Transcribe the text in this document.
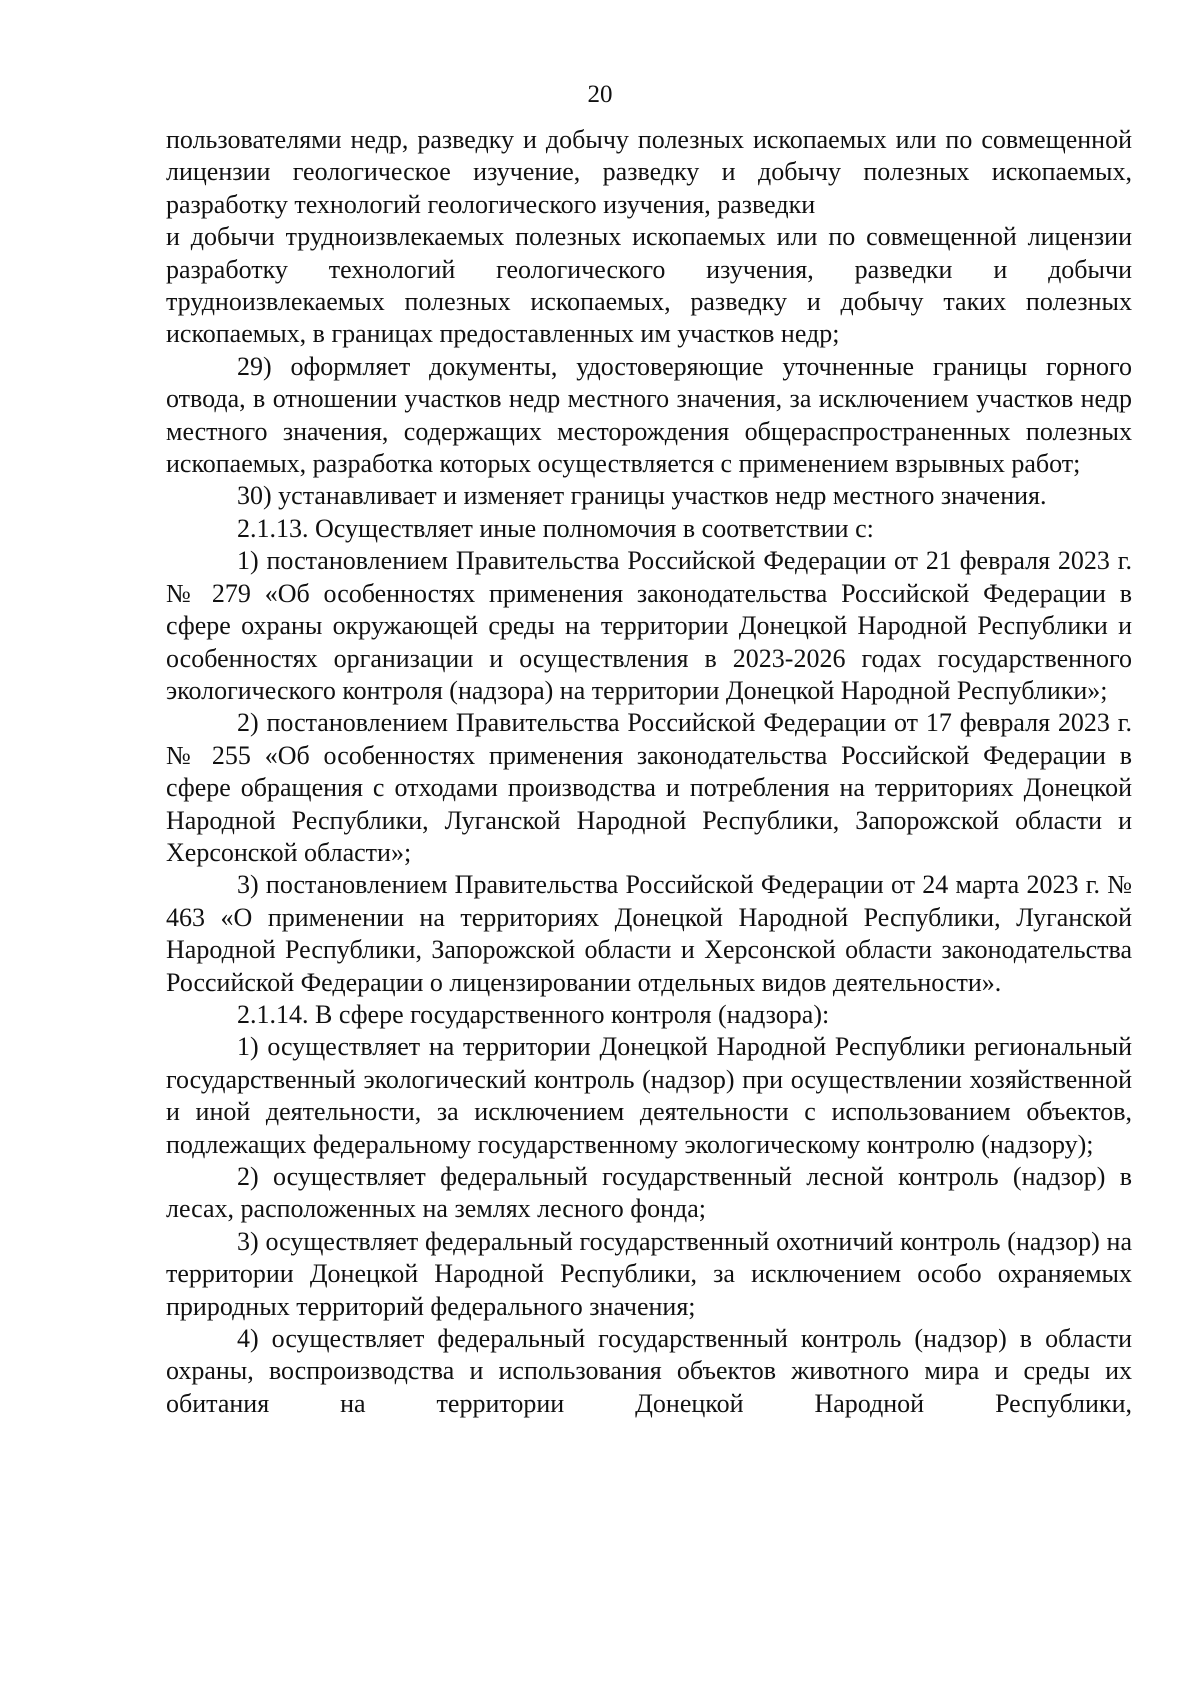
20

пользователями недр, разведку и добычу полезных ископаемых или по совмещенной лицензии геологическое изучение, разведку и добычу полезных ископаемых, разработку технологий геологического изучения, разведки

и добычи трудноизвлекаемых полезных ископаемых или по совмещенной лицензии разработку технологий геологического изучения, разведки и добычи трудноизвлекаемых полезных ископаемых, разведку и добычу таких полезных ископаемых, в границах предоставленных им участков недр;

29) оформляет документы, удостоверяющие уточненные границы горного отвода, в отношении участков недр местного значения, за исключением участков недр местного значения, содержащих месторождения общераспространенных полезных ископаемых, разработка которых осуществляется с применением взрывных работ;

30) устанавливает и изменяет границы участков недр местного значения.

2.1.13. Осуществляет иные полномочия в соответствии с:

1) постановлением Правительства Российской Федерации от 21 февраля 2023 г. № 279 «Об особенностях применения законодательства Российской Федерации в сфере охраны окружающей среды на территории Донецкой Народной Республики и особенностях организации и осуществления в 2023-2026 годах государственного экологического контроля (надзора) на территории Донецкой Народной Республики»;

2) постановлением Правительства Российской Федерации от 17 февраля 2023 г. № 255 «Об особенностях применения законодательства Российской Федерации в сфере обращения с отходами производства и потребления на территориях Донецкой Народной Республики, Луганской Народной Республики, Запорожской области и Херсонской области»;

3) постановлением Правительства Российской Федерации от 24 марта 2023 г. № 463 «О применении на территориях Донецкой Народной Республики, Луганской Народной Республики, Запорожской области и Херсонской области законодательства Российской Федерации о лицензировании отдельных видов деятельности».

2.1.14. В сфере государственного контроля (надзора):

1) осуществляет на территории Донецкой Народной Республики региональный государственный экологический контроль (надзор) при осуществлении хозяйственной и иной деятельности, за исключением деятельности с использованием объектов, подлежащих федеральному государственному экологическому контролю (надзору);

2) осуществляет федеральный государственный лесной контроль (надзор) в лесах, расположенных на землях лесного фонда;

3) осуществляет федеральный государственный охотничий контроль (надзор) на территории Донецкой Народной Республики, за исключением особо охраняемых природных территорий федерального значения;

4) осуществляет федеральный государственный контроль (надзор) в области охраны, воспроизводства и использования объектов животного мира и среды их обитания на территории Донецкой Народной Республики,
